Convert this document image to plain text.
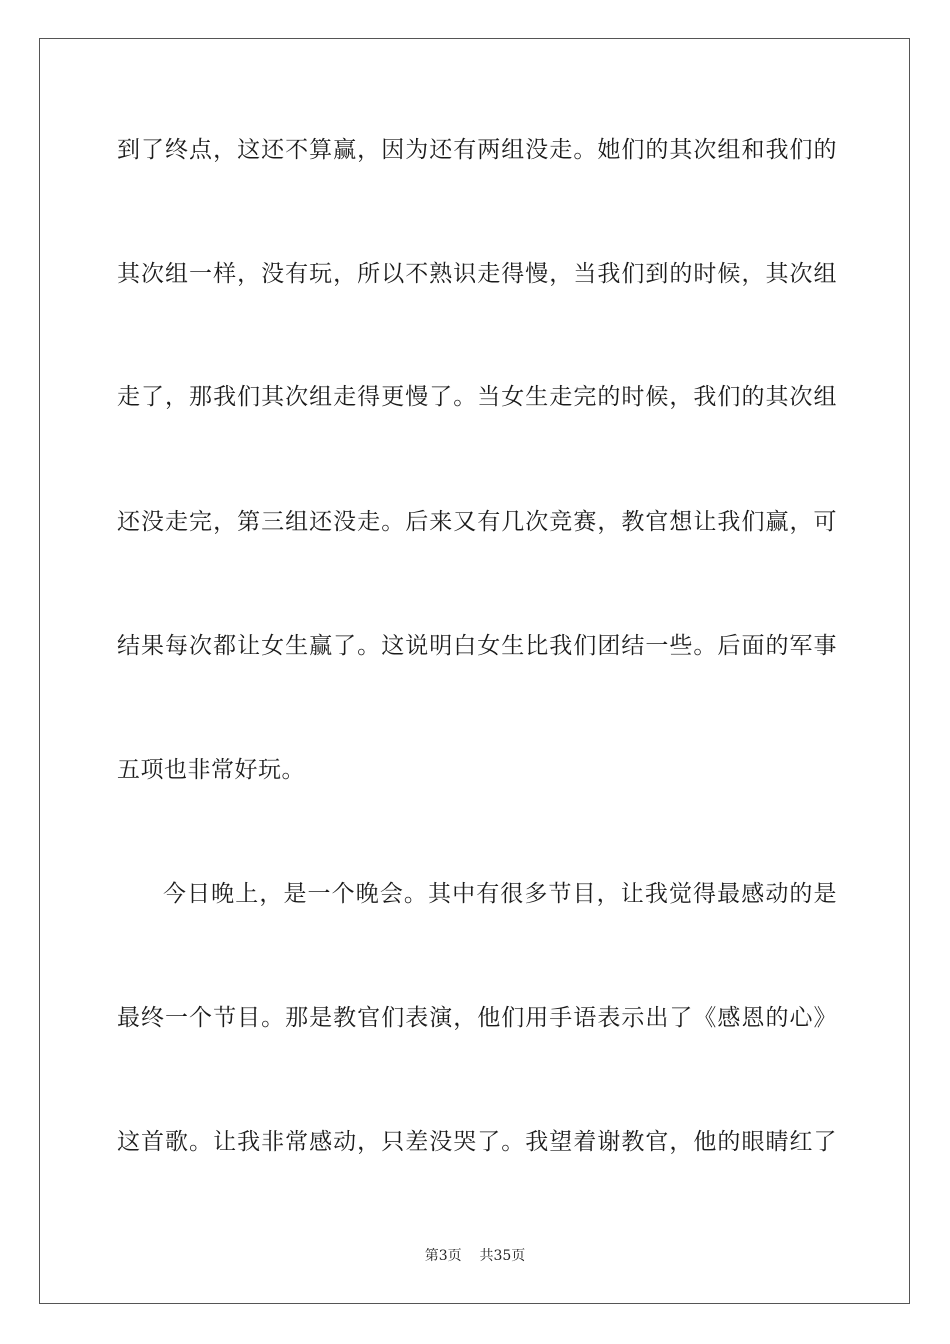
到了终点，这还不算赢，因为还有两组没走。她们的其次组和我们的
其次组一样，没有玩，所以不熟识走得慢，当我们到的时候，其次组
走了，那我们其次组走得更慢了。当女生走完的时候，我们的其次组
还没走完，第三组还没走。后来又有几次竞赛，教官想让我们赢，可
结果每次都让女生赢了。这说明白女生比我们团结一些。后面的军事
五项也非常好玩。
今日晚上，是一个晚会。其中有很多节目，让我觉得最感动的是
最终一个节目。那是教官们表演，他们用手语表示出了《感恩的心》
这首歌。让我非常感动，只差没哭了。我望着谢教官，他的眼睛红了
第3页 共35页
